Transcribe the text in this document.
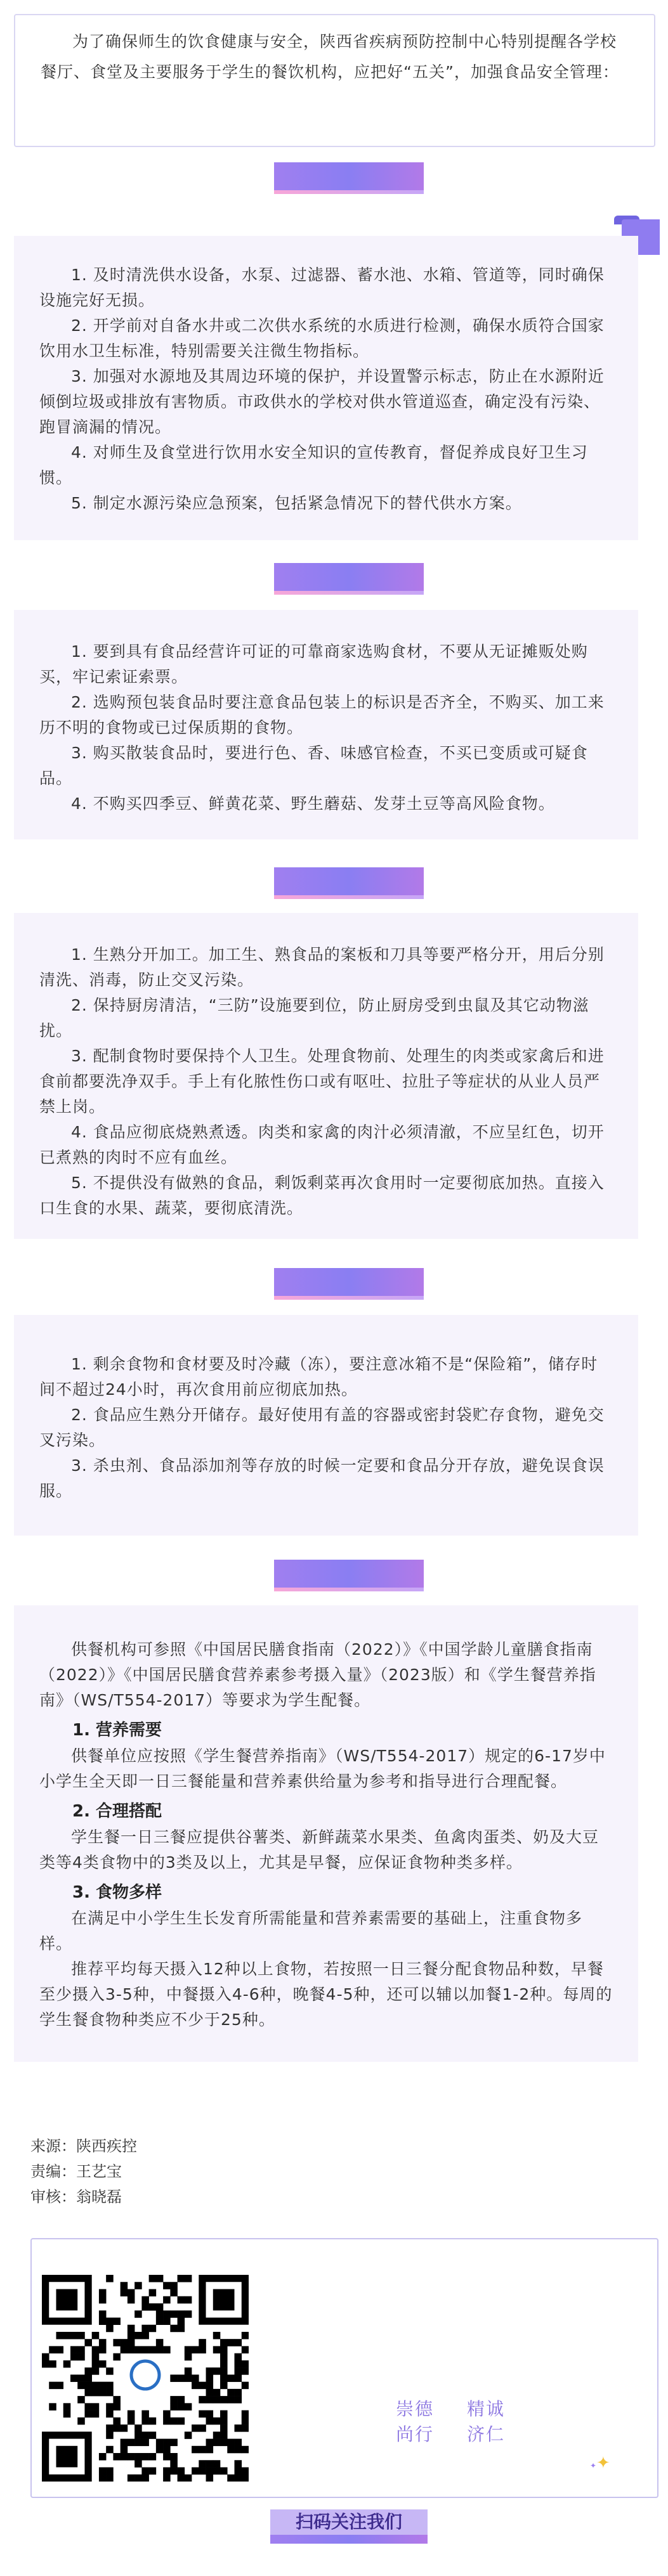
为了确保师生的饮食健康与安全，陕西省疾病预防控制中心特别提醒各学校餐厅、食堂及主要服务于学生的餐饮机构，应把好“五关”，加强食品安全管理：

1. 及时清洗供水设备，水泵、过滤器、蓄水池、水箱、管道等，同时确保设施完好无损。

2. 开学前对自备水井或二次供水系统的水质进行检测，确保水质符合国家饮用水卫生标准，特别需要关注微生物指标。

3. 加强对水源地及其周边环境的保护，并设置警示标志，防止在水源附近倾倒垃圾或排放有害物质。市政供水的学校对供水管道巡查，确定没有污染、跑冒滴漏的情况。

4. 对师生及食堂进行饮用水安全知识的宣传教育，督促养成良好卫生习惯。

5. 制定水源污染应急预案，包括紧急情况下的替代供水方案。

1. 要到具有食品经营许可证的可靠商家选购食材，不要从无证摊贩处购买，牢记索证索票。

2. 选购预包装食品时要注意食品包装上的标识是否齐全，不购买、加工来历不明的食物或已过保质期的食物。

3. 购买散装食品时，要进行色、香、味感官检查，不买已变质或可疑食品。

4. 不购买四季豆、鲜黄花菜、野生蘑菇、发芽土豆等高风险食物。

1. 生熟分开加工。加工生、熟食品的案板和刀具等要严格分开，用后分别清洗、消毒，防止交叉污染。

2. 保持厨房清洁，“三防”设施要到位，防止厨房受到虫鼠及其它动物滋扰。

3. 配制食物时要保持个人卫生。处理食物前、处理生的肉类或家禽后和进食前都要洗净双手。手上有化脓性伤口或有呕吐、拉肚子等症状的从业人员严禁上岗。

4. 食品应彻底烧熟煮透。肉类和家禽的肉汁必须清澈，不应呈红色，切开已煮熟的肉时不应有血丝。

5. 不提供没有做熟的食品，剩饭剩菜再次食用时一定要彻底加热。直接入口生食的水果、蔬菜，要彻底清洗。

1. 剩余食物和食材要及时冷藏（冻），要注意冰箱不是“保险箱”，储存时间不超过24小时，再次食用前应彻底加热。

2. 食品应生熟分开储存。最好使用有盖的容器或密封袋贮存食物，避免交叉污染。

3. 杀虫剂、食品添加剂等存放的时候一定要和食品分开存放，避免误食误服。

供餐机构可参照《中国居民膳食指南（2022）》《中国学龄儿童膳食指南（2022）》《中国居民膳食营养素参考摄入量》（2023版）和《学生餐营养指南》（WS/T554-2017）等要求为学生配餐。

1. 营养需要

供餐单位应按照《学生餐营养指南》（WS/T554-2017）规定的6-17岁中小学生全天即一日三餐能量和营养素供给量为参考和指导进行合理配餐。

2. 合理搭配

学生餐一日三餐应提供谷薯类、新鲜蔬菜水果类、鱼禽肉蛋类、奶及大豆类等4类食物中的3类及以上，尤其是早餐，应保证食物种类多样。

3. 食物多样

在满足中小学生生长发育所需能量和营养素需要的基础上，注重食物多样。

推荐平均每天摄入12种以上食物，若按照一日三餐分配食物品种数，早餐至少摄入3-5种，中餐摄入4-6种，晚餐4-5种，还可以辅以加餐1-2种。每周的学生餐食物种类应不少于25种。

来源：陕西疾控
责编：王艺宝
审核：翁晓磊
崇德 精诚
尚行 济仁
✦
✦
扫码关注我们
